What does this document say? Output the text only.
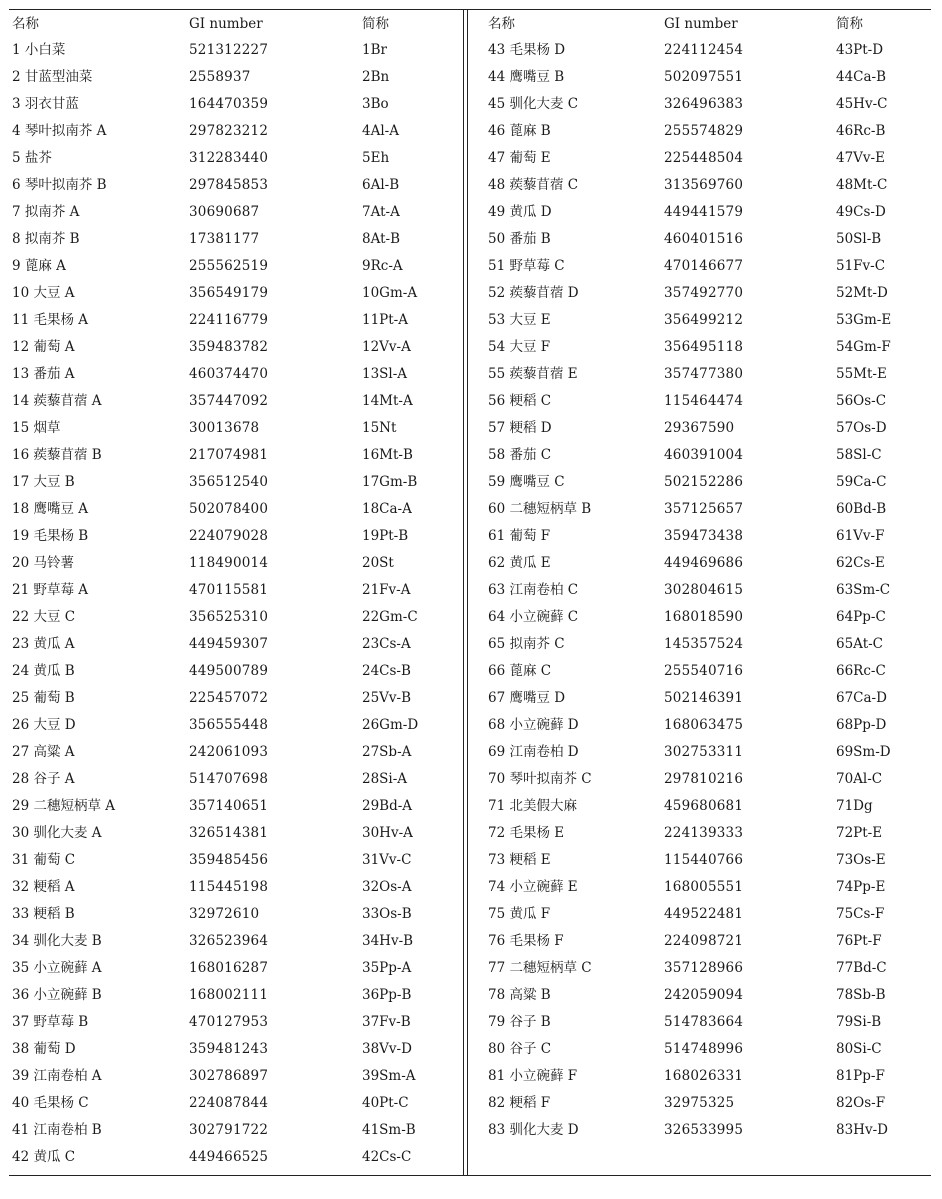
名称	GI number	简称
1 小白菜	521312227	1Br
2 甘蓝型油菜	2558937	2Bn
3 羽衣甘蓝	164470359	3Bo
4 琴叶拟南芥 A	297823212	4Al-A
5 盐芥	312283440	5Eh
6 琴叶拟南芥 B	297845853	6Al-B
7 拟南芥 A	30690687	7At-A
8 拟南芥 B	17381177	8At-B
9 蓖麻 A	255562519	9Rc-A
10 大豆 A	356549179	10Gm-A
11 毛果杨 A	224116779	11Pt-A
12 葡萄 A	359483782	12Vv-A
13 番茄 A	460374470	13Sl-A
14 蒺藜苜蓿 A	357447092	14Mt-A
15 烟草	30013678	15Nt
16 蒺藜苜蓿 B	217074981	16Mt-B
17 大豆 B	356512540	17Gm-B
18 鹰嘴豆 A	502078400	18Ca-A
19 毛果杨 B	224079028	19Pt-B
20 马铃薯	118490014	20St
21 野草莓 A	470115581	21Fv-A
22 大豆 C	356525310	22Gm-C
23 黄瓜 A	449459307	23Cs-A
24 黄瓜 B	449500789	24Cs-B
25 葡萄 B	225457072	25Vv-B
26 大豆 D	356555448	26Gm-D
27 高粱 A	242061093	27Sb-A
28 谷子 A	514707698	28Si-A
29 二穗短柄草 A	357140651	29Bd-A
30 驯化大麦 A	326514381	30Hv-A
31 葡萄 C	359485456	31Vv-C
32 粳稻 A	115445198	32Os-A
33 粳稻 B	32972610	33Os-B
34 驯化大麦 B	326523964	34Hv-B
35 小立碗藓 A	168016287	35Pp-A
36 小立碗藓 B	168002111	36Pp-B
37 野草莓 B	470127953	37Fv-B
38 葡萄 D	359481243	38Vv-D
39 江南卷柏 A	302786897	39Sm-A
40 毛果杨 C	224087844	40Pt-C
41 江南卷柏 B	302791722	41Sm-B
42 黄瓜 C	449466525	42Cs-C
名称	GI number	简称
43 毛果杨 D	224112454	43Pt-D
44 鹰嘴豆 B	502097551	44Ca-B
45 驯化大麦 C	326496383	45Hv-C
46 蓖麻 B	255574829	46Rc-B
47 葡萄 E	225448504	47Vv-E
48 蒺藜苜蓿 C	313569760	48Mt-C
49 黄瓜 D	449441579	49Cs-D
50 番茄 B	460401516	50Sl-B
51 野草莓 C	470146677	51Fv-C
52 蒺藜苜蓿 D	357492770	52Mt-D
53 大豆 E	356499212	53Gm-E
54 大豆 F	356495118	54Gm-F
55 蒺藜苜蓿 E	357477380	55Mt-E
56 粳稻 C	115464474	56Os-C
57 粳稻 D	29367590	57Os-D
58 番茄 C	460391004	58Sl-C
59 鹰嘴豆 C	502152286	59Ca-C
60 二穗短柄草 B	357125657	60Bd-B
61 葡萄 F	359473438	61Vv-F
62 黄瓜 E	449469686	62Cs-E
63 江南卷柏 C	302804615	63Sm-C
64 小立碗藓 C	168018590	64Pp-C
65 拟南芥 C	145357524	65At-C
66 蓖麻 C	255540716	66Rc-C
67 鹰嘴豆 D	502146391	67Ca-D
68 小立碗藓 D	168063475	68Pp-D
69 江南卷柏 D	302753311	69Sm-D
70 琴叶拟南芥 C	297810216	70Al-C
71 北美假大麻	459680681	71Dg
72 毛果杨 E	224139333	72Pt-E
73 粳稻 E	115440766	73Os-E
74 小立碗藓 E	168005551	74Pp-E
75 黄瓜 F	449522481	75Cs-F
76 毛果杨 F	224098721	76Pt-F
77 二穗短柄草 C	357128966	77Bd-C
78 高粱 B	242059094	78Sb-B
79 谷子 B	514783664	79Si-B
80 谷子 C	514748996	80Si-C
81 小立碗藓 F	168026331	81Pp-F
82 粳稻 F	32975325	82Os-F
83 驯化大麦 D	326533995	83Hv-D
